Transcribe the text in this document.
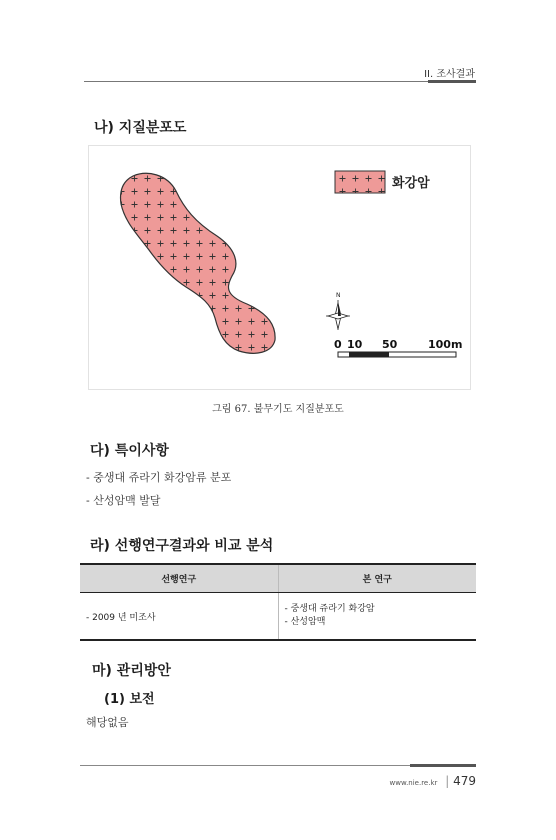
II. 조사결과
나) 지질분포도
화강암
N
0 10 50	100m
그림 67. 불무기도 지질분포도
다) 특이사항
- 중생대 쥬라기 화강암류 분포
- 산성암맥 발달
라) 선행연구결과와 비교 분석
선행연구	본 연구
- 2009 년 미조사	- 중생대 쥬라기 화강암
- 산성암맥
마) 관리방안
(1) 보전
해당없음
www.nie.re.kr | 479
